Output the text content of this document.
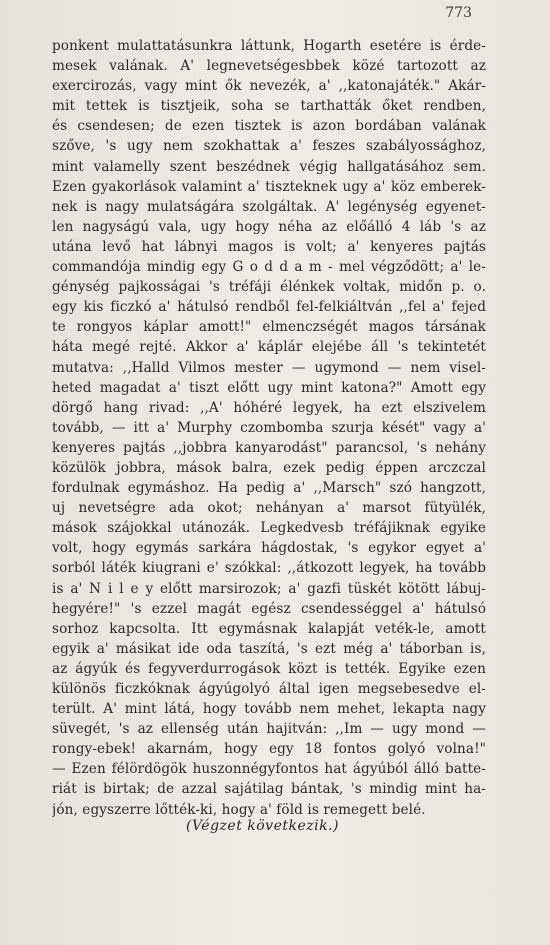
773
ponkent mulattatásunkra láttunk, Hogarth esetére is érde-
mesek valának. A' legnevetségesbbek közé tartozott az
exercirozás, vagy mint ők nevezék, a' ,,katonajáték." Akár-
mit tettek is tisztjeik, soha se tarthatták őket rendben,
és csendesen; de ezen tisztek is azon bordában valának
szőve, 's ugy nem szokhattak a' feszes szabályossághoz,
mint valamelly szent beszédnek végig hallgatásához sem.
Ezen gyakorlások valamint a' tiszteknek ugy a' köz emberek-
nek is nagy mulatságára szolgáltak. A' legénység egyenet-
len nagyságú vala, ugy hogy néha az előálló 4 láb 's az
utána levő hat lábnyi magos is volt; a' kenyeres pajtás
commandója mindig egy G o d d a m - mel végződött; a' le-
génység pajkosságai 's tréfáji élénkek voltak, midőn p. o.
egy kis ficzkó a' hátulsó rendből fel-felkiáltván ,,fel a' fejed
te rongyos káplar amott!" elmenczségét magos társának
háta megé rejté. Akkor a' káplár elejébe áll 's tekintetét
mutatva: ,,Halld Vilmos mester — ugymond — nem visel-
heted magadat a' tiszt előtt ugy mint katona?" Amott egy
dörgő hang rivad: ,,A' hóhéré legyek, ha ezt elszivelem
tovább, — itt a' Murphy czombomba szurja kését" vagy a'
kenyeres pajtás ,,jobbra kanyarodást" parancsol, 's nehány
közülök jobbra, mások balra, ezek pedig éppen arczczal
fordulnak egymáshoz. Ha pedig a' ,,Marsch" szó hangzott,
uj nevetségre ada okot; nehányan a' marsot fütyülék,
mások szájokkal utánozák. Legkedvesb tréfájiknak egyike
volt, hogy egymás sarkára hágdostak, 's egykor egyet a'
sorból láték kiugrani e' szókkal: ,,átkozott legyek, ha tovább
is a' N i l e y előtt marsirozok; a' gazfi tüskét kötött lábuj-
hegyére!" 's ezzel magát egész csendességgel a' hátulsó
sorhoz kapcsolta. Itt egymásnak kalapját veték-le, amott
egyik a' másikat ide oda taszítá, 's ezt még a' táborban is,
az ágyúk és fegyverdurrogások közt is tették. Egyike ezen
különös ficzkóknak ágyúgolyó által igen megsebesedve el-
terült. A' mint látá, hogy tovább nem mehet, lekapta nagy
süvegét, 's az ellenség után hajitván: ,,Im — ugy mond —
rongy-ebek! akarnám, hogy egy 18 fontos golyó volna!"
— Ezen félördögök huszonnégyfontos hat ágyúból álló batte-
riát is birtak; de azzal sajátilag bántak, 's mindig mint ha-
jón, egyszerre lőtték-ki, hogy a' föld is remegett belé.
(Végzet következik.)
